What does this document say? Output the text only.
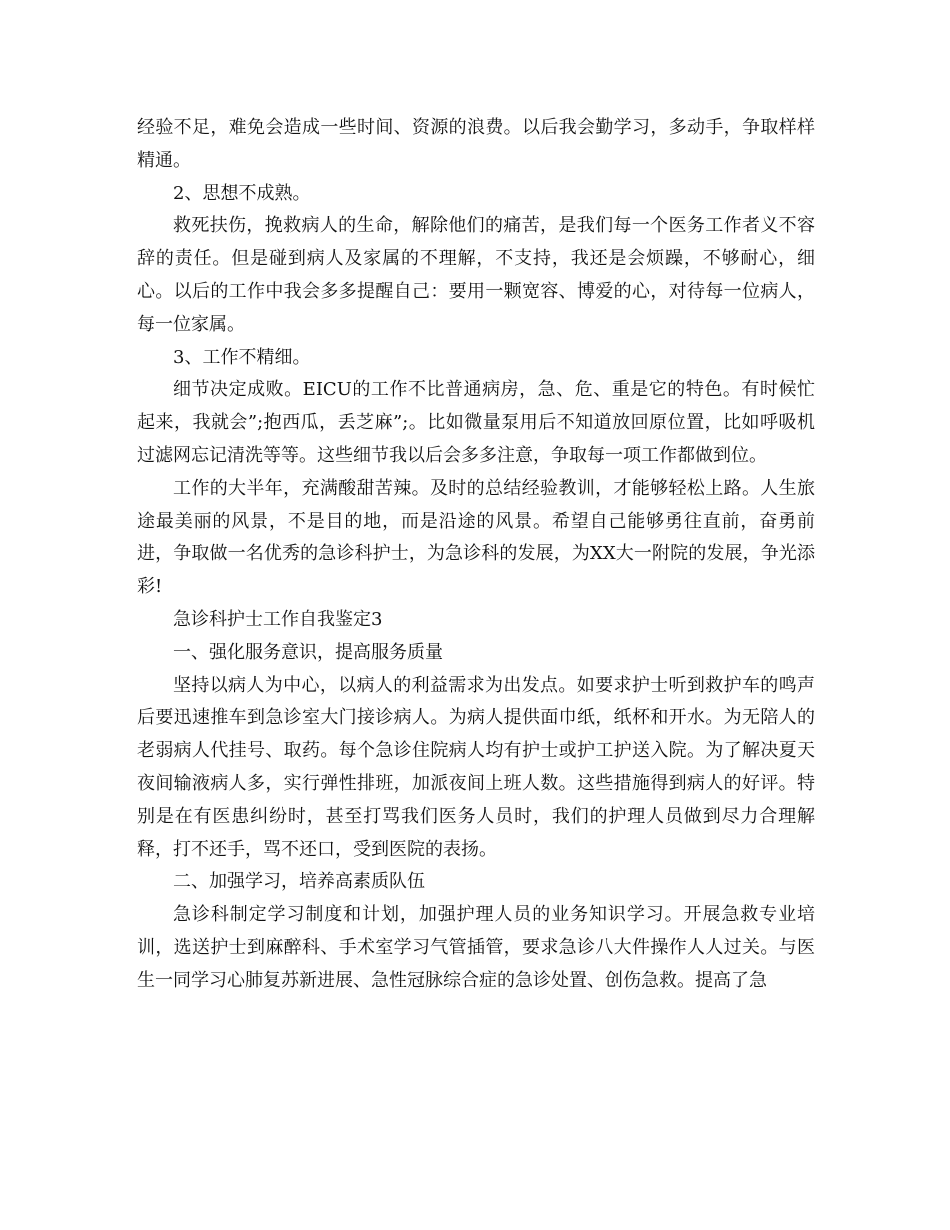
经验不足，难免会造成一些时间、资源的浪费。以后我会勤学习，多动手，争取样样精通。

2、思想不成熟。

救死扶伤，挽救病人的生命，解除他们的痛苦，是我们每一个医务工作者义不容辞的责任。但是碰到病人及家属的不理解，不支持，我还是会烦躁，不够耐心，细心。以后的工作中我会多多提醒自己：要用一颗宽容、博爱的心，对待每一位病人，每一位家属。

3、工作不精细。

细节决定成败。EICU的工作不比普通病房，急、危、重是它的特色。有时候忙起来，我就会”;抱西瓜，丢芝麻”;。比如微量泵用后不知道放回原位置，比如呼吸机过滤网忘记清洗等等。这些细节我以后会多多注意，争取每一项工作都做到位。

工作的大半年，充满酸甜苦辣。及时的总结经验教训，才能够轻松上路。人生旅途最美丽的风景，不是目的地，而是沿途的风景。希望自己能够勇往直前，奋勇前进，争取做一名优秀的急诊科护士，为急诊科的发展，为XX大一附院的发展，争光添彩!

急诊科护士工作自我鉴定3

一、强化服务意识，提高服务质量

坚持以病人为中心，以病人的利益需求为出发点。如要求护士听到救护车的鸣声后要迅速推车到急诊室大门接诊病人。为病人提供面巾纸，纸杯和开水。为无陪人的老弱病人代挂号、取药。每个急诊住院病人均有护士或护工护送入院。为了解决夏天夜间输液病人多，实行弹性排班，加派夜间上班人数。这些措施得到病人的好评。特别是在有医患纠纷时，甚至打骂我们医务人员时，我们的护理人员做到尽力合理解释，打不还手，骂不还口，受到医院的表扬。

二、加强学习，培养高素质队伍

急诊科制定学习制度和计划，加强护理人员的业务知识学习。开展急救专业培训，选送护士到麻醉科、手术室学习气管插管，要求急诊八大件操作人人过关。与医生一同学习心肺复苏新进展、急性冠脉综合症的急诊处置、创伤急救。提高了急
